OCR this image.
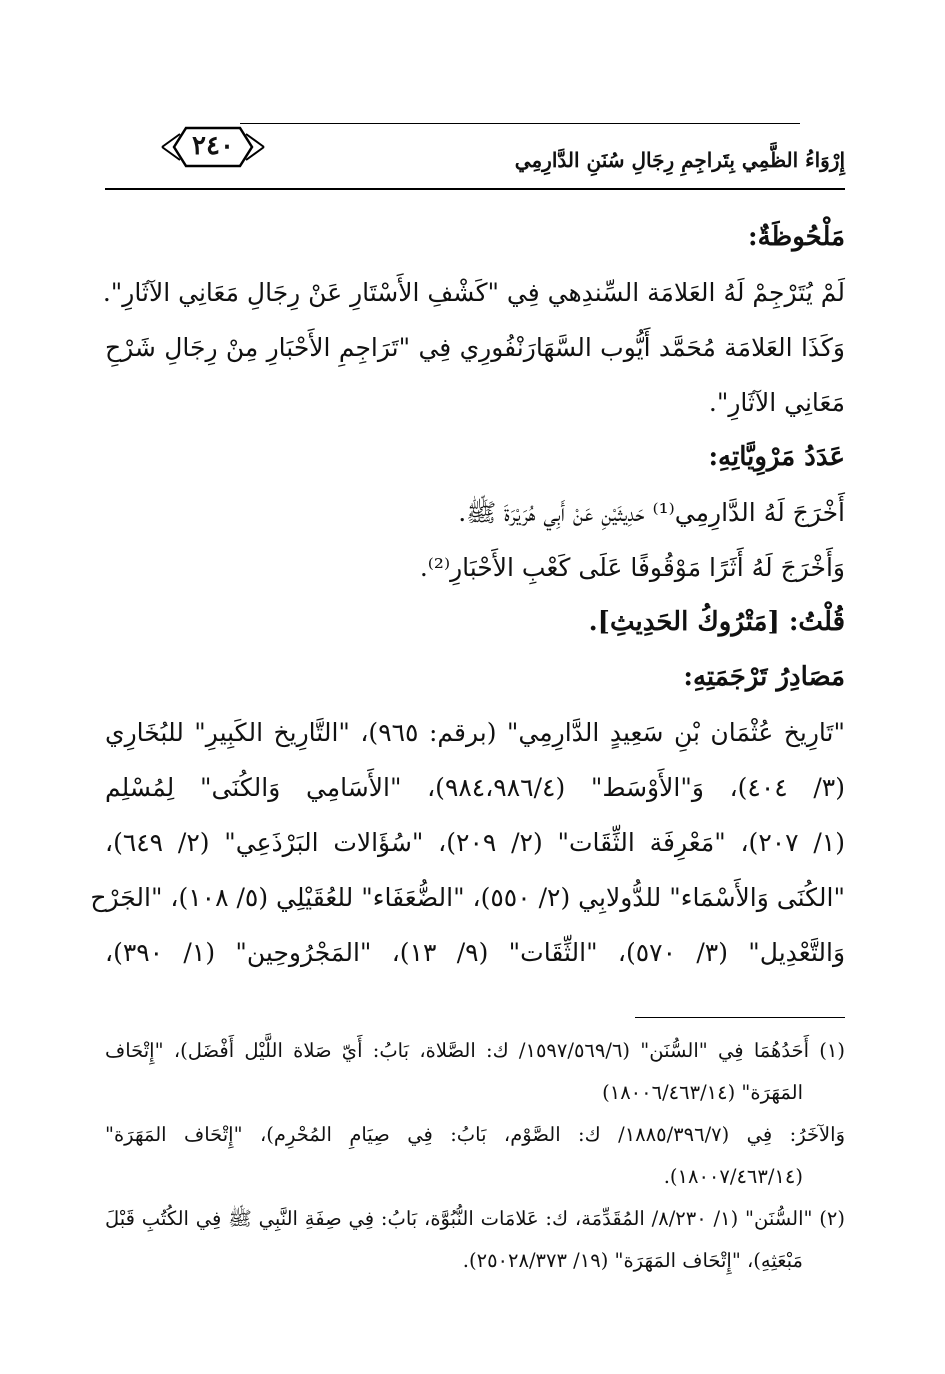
٢٤٠	إِرْوَاءُ الظَّمِي بِتَراجِمِ رِجَالِ سُنَنِ الدَّارِمِي
مَلْحُوظَةٌ:
لَمْ يُتَرْجِمْ لَهُ العَلامَة السِّندِهي فِي "كَشْفِ الأَسْتَارِ عَنْ رِجَالِ مَعَانِي الآثَارِ".
وَكَذَا العَلامَة مُحَمَّد أَيُّوب السَّهَارَنْفُورِي فِي "تَرَاجِمِ الأَحْبَارِ مِنْ رِجَالِ شَرْحِ
مَعَانِي الآثَارِ".
عَدَدُ مَرْوِيَّاتِهِ:
أَخْرَجَ لَهُ الدَّارِمِي⁽¹⁾ حَدِيثَيْنِ عَنْ أَبِي هُرَيْرَةَ ﷺ.
وَأَخْرَجَ لَهُ أَثَرًا مَوْقُوفًا عَلَى كَعْبِ الأَحْبَارِ⁽²⁾.
قُلْتُ: [مَتْرُوكُ الحَدِيثِ].
مَصَادِرُ تَرْجَمَتِهِ:
"تَارِيخ عُثْمَان بْنِ سَعِيدٍ الدَّارِمِي" (برقم: ٩٦٥)، "التَّارِيخ الكَبِيرِ" للبُخَارِي
(٣/ ٤٠٤)، وَ"الأَوْسَط" (٩٨٤،٩٨٦/٤)، "الأَسَامِي وَالكُنَى" لِمُسْلِم
(١/ ٢٠٧)، "مَعْرِفَة الثِّقَات" (٢/ ٢٠٩)، "سُؤَالات البَرْذَعِي" (٢/ ٦٤٩)،
"الكُنَى وَالأَسْمَاء" للدُّولابِي (٢/ ٥٥٠)، "الضُّعَفَاء" للعُقَيْلِي (٥/ ١٠٨)، "الجَرْح
وَالتَّعْدِيل" (٣/ ٥٧٠)، "الثِّقَات" (٩/ ١٣)، "المَجْرُوحِين" (١/ ٣٩٠)،
(١) أَحَدُهُمَا فِي "السُّنَن" (١٥٩٧/٥٦٩/٦/ ك: الصَّلاة، بَابُ: أَيّ صَلاة اللَّيْل أَفْضَل)، "إِتْحَاف
المَهَرَة" (١٨٠٠٦/٤٦٣/١٤)
وَالآخَرُ: فِي (١٨٨٥/٣٩٦/٧/ ك: الصَّوْم، بَابُ: فِي صِيَامِ المُحْرِم)، "إِتْحَاف المَهَرَة"
(١٨٠٠٧/٤٦٣/١٤).
(٢) "السُّنَن" (١/ ٨/٢٣٠/ المُقَدِّمَة، ك: عَلامَات النُّبُوَّة، بَابُ: فِي صِفَةِ النَّبِي ﷺ فِي الكُتُبِ قَبْلَ
مَبْعَثِهِ)، "إِتْحَاف المَهَرَة" (١٩/ ٢٥٠٢٨/٣٧٣).
